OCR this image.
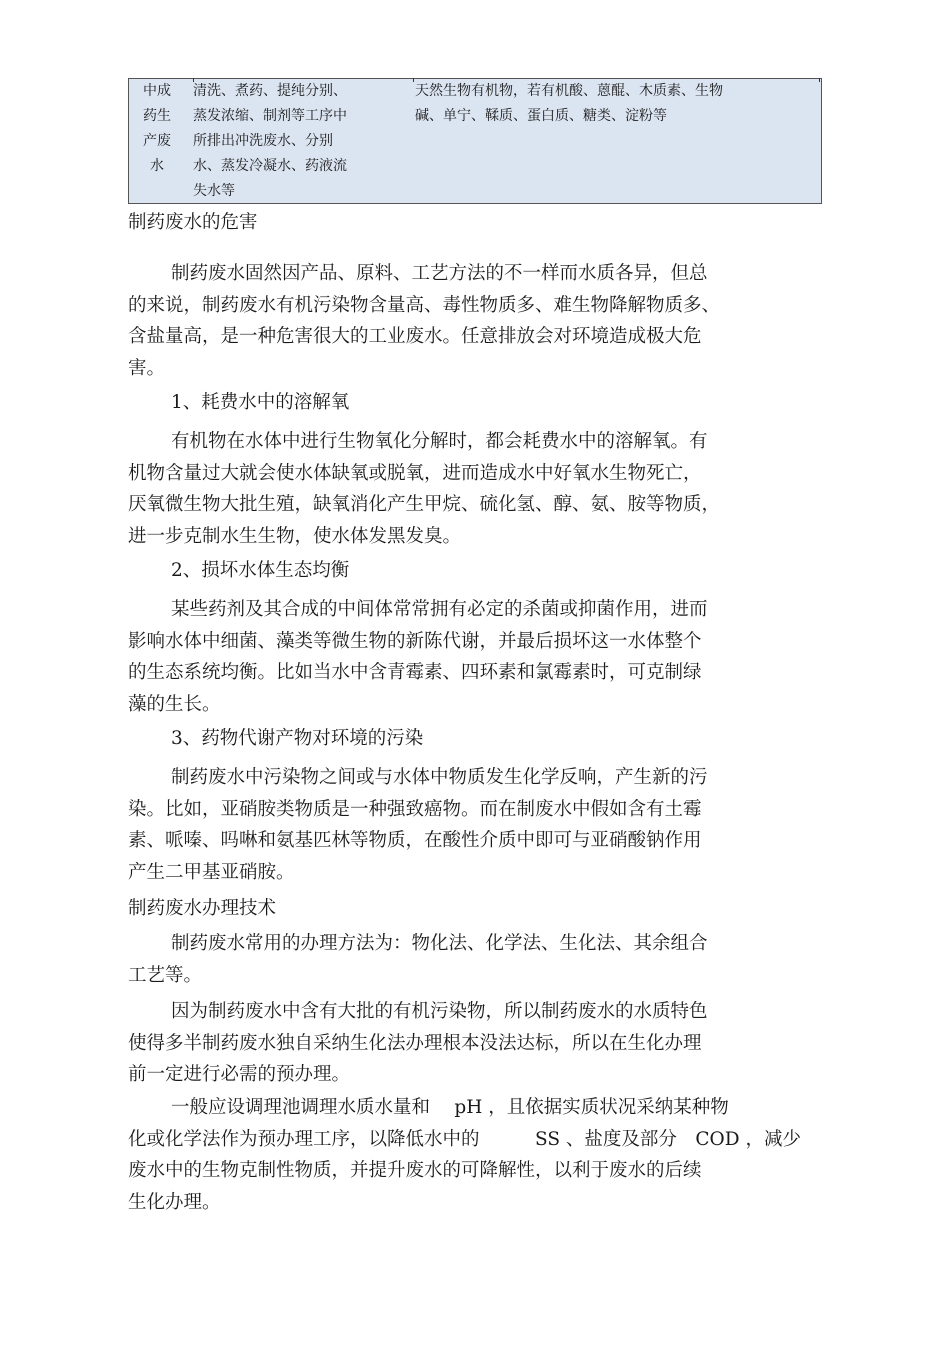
中成
药生
产废
水
清洗、煮药、提纯分别、
蒸发浓缩、制剂等工序中
所排出冲洗废水、分别
水、蒸发冷凝水、药液流
失水等
天然生物有机物，若有机酸、蒽醌、木质素、生物
碱、单宁、鞣质、蛋白质、糖类、淀粉等
制药废水的危害
制药废水固然因产品、原料、工艺方法的不一样而水质各异，但总
的来说，制药废水有机污染物含量高、毒性物质多、难生物降解物质多、
含盐量高，是一种危害很大的工业废水。任意排放会对环境造成极大危
害。
1、耗费水中的溶解氧
有机物在水体中进行生物氧化分解时，都会耗费水中的溶解氧。有
机物含量过大就会使水体缺氧或脱氧，进而造成水中好氧水生物死亡，
厌氧微生物大批生殖，缺氧消化产生甲烷、硫化氢、醇、氨、胺等物质，
进一步克制水生生物，使水体发黑发臭。
2、损坏水体生态均衡
某些药剂及其合成的中间体常常拥有必定的杀菌或抑菌作用，进而
影响水体中细菌、藻类等微生物的新陈代谢，并最后损坏这一水体整个
的生态系统均衡。比如当水中含青霉素、四环素和氯霉素时，可克制绿
藻的生长。
3、药物代谢产物对环境的污染
制药废水中污染物之间或与水体中物质发生化学反响，产生新的污
染。比如，亚硝胺类物质是一种强致癌物。而在制废水中假如含有土霉
素、哌嗪、吗啉和氨基匹林等物质，在酸性介质中即可与亚硝酸钠作用
产生二甲基亚硝胺。
制药废水办理技术
制药废水常用的办理方法为：物化法、化学法、生化法、其余组合
工艺等。
因为制药废水中含有大批的有机污染物，所以制药废水的水质特色
使得多半制药废水独自采纳生化法办理根本没法达标，所以在生化办理
前一定进行必需的预办理。
一般应设调理池调理水质水量和　 pH ，且依据实质状况采纳某种物
化或化学法作为预办理工序，以降低水中的　　　SS 、盐度及部分　COD ，减少
废水中的生物克制性物质，并提升废水的可降解性，以利于废水的后续
生化办理。
